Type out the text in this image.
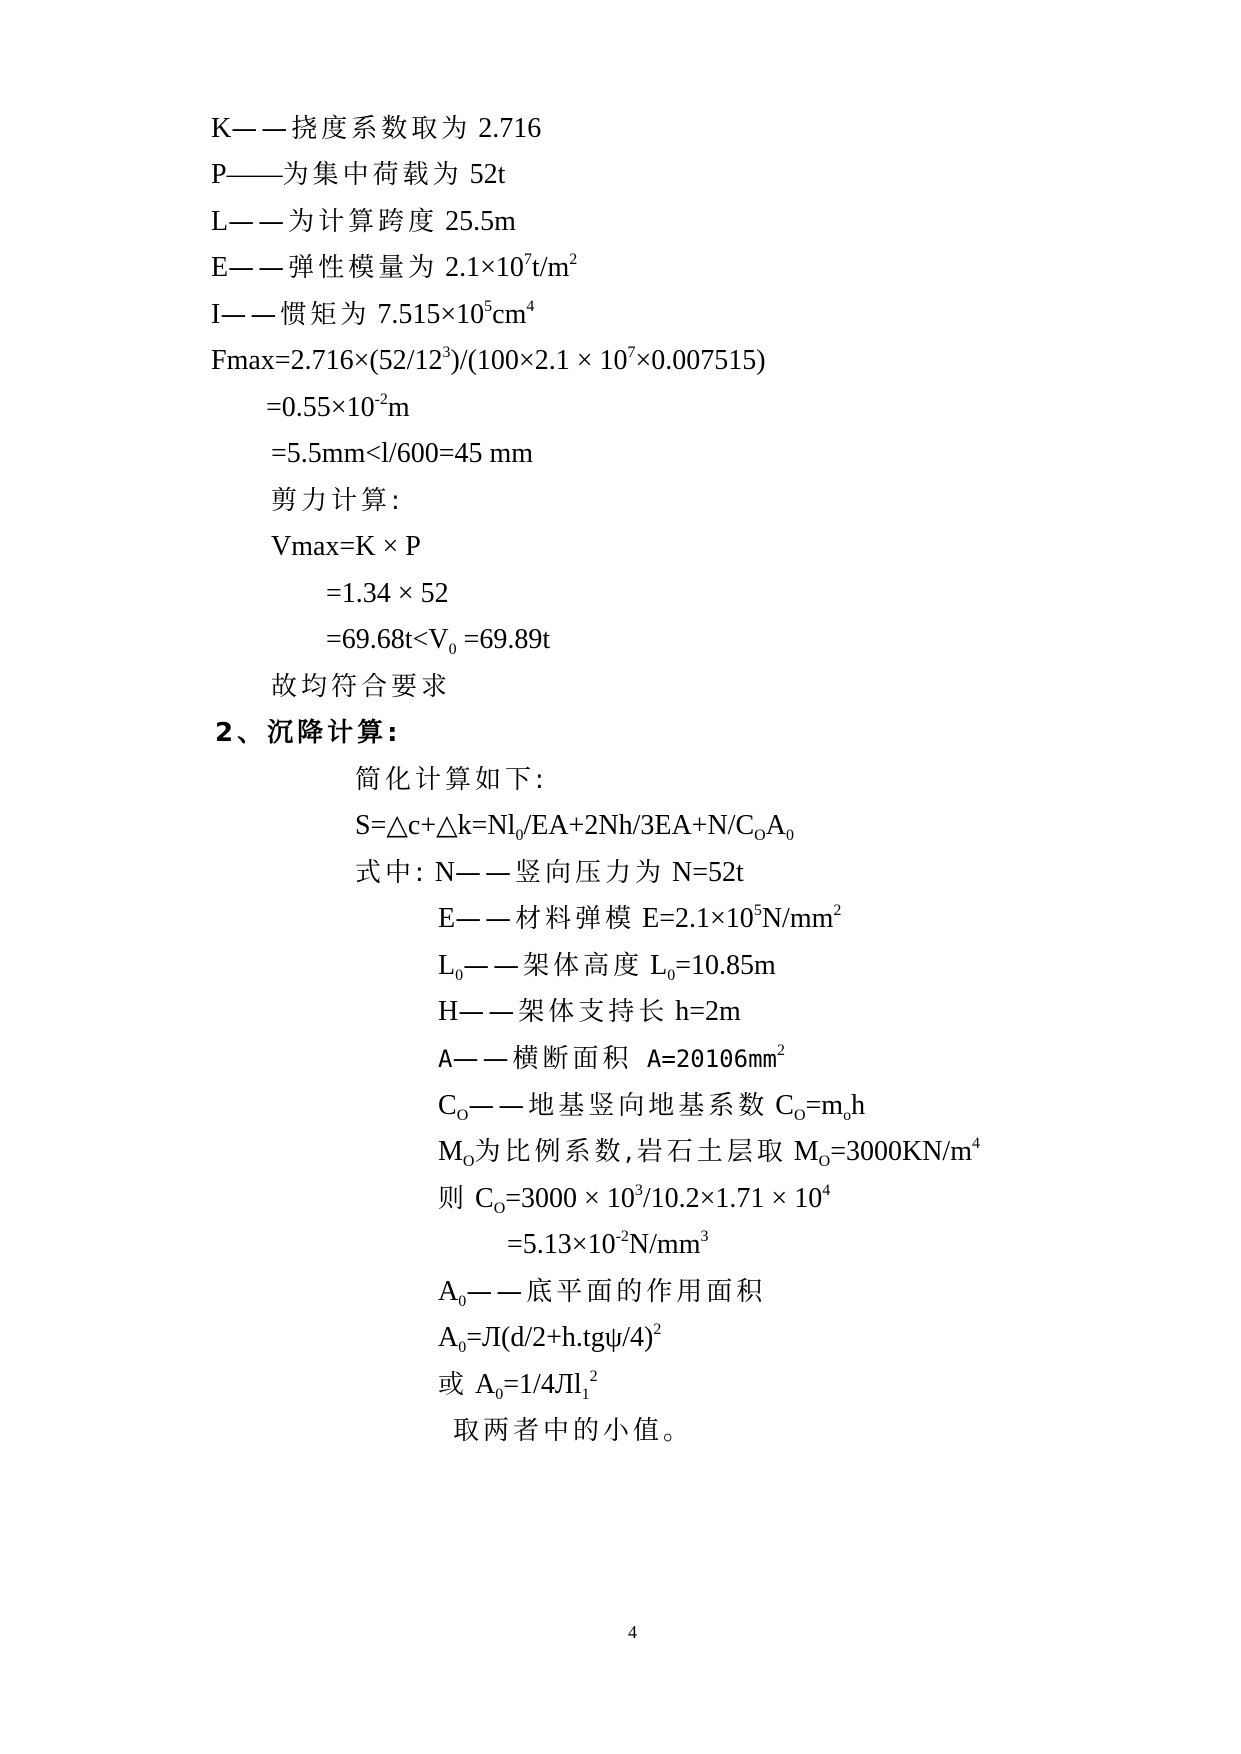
K——挠度系数取为 2.716
P——为集中荷载为 52t
L——为计算跨度 25.5m
E——弹性模量为 $2.1\times 10^7t/m^2$
I——惯矩为 $7.515\times 10^5cm^4$
$Fmax=2.716\times(52/12^3)/(100\times 2.1 \times 10^7\times 0.007515)$
$=0.55\times 10^{-2}m$
=5.5mm<l/600=45 mm
剪力计算:
Vmax=K × P
=1.34 × 52
$=69.68t<V_0 =69.89t$
故均符合要求
2、沉降计算:
简化计算如下:
$S=\triangle c+\triangle k=Nl_0/EA+2Nh/3EA+N/C_OA_0$
式中: N——竖向压力为 N=52t
E——材料弹模 $E=2.1\times 10^5N/mm^2$
$L_0——$架体高度 $L_0=10.85m$
H——架体支持长 h=2m
A——横断面积 $A=20106mm^2$
$C_O——$地基竖向地基系数 $C_O=m_oh$
$M_O$为比例系数,岩石土层取 $M_O=3000KN/m^4$
则 $C_O=3000 \times 10^3/10.2\times 1.71 \times 10^4$
$=5.13\times 10^{-2}N/mm^3$
$A_0——$底平面的作用面积
$A_0=Л(d/2+h.tg\psi/4)^2$
或 $A_0=1/4Лl_1^2$
取两者中的小值。
4
